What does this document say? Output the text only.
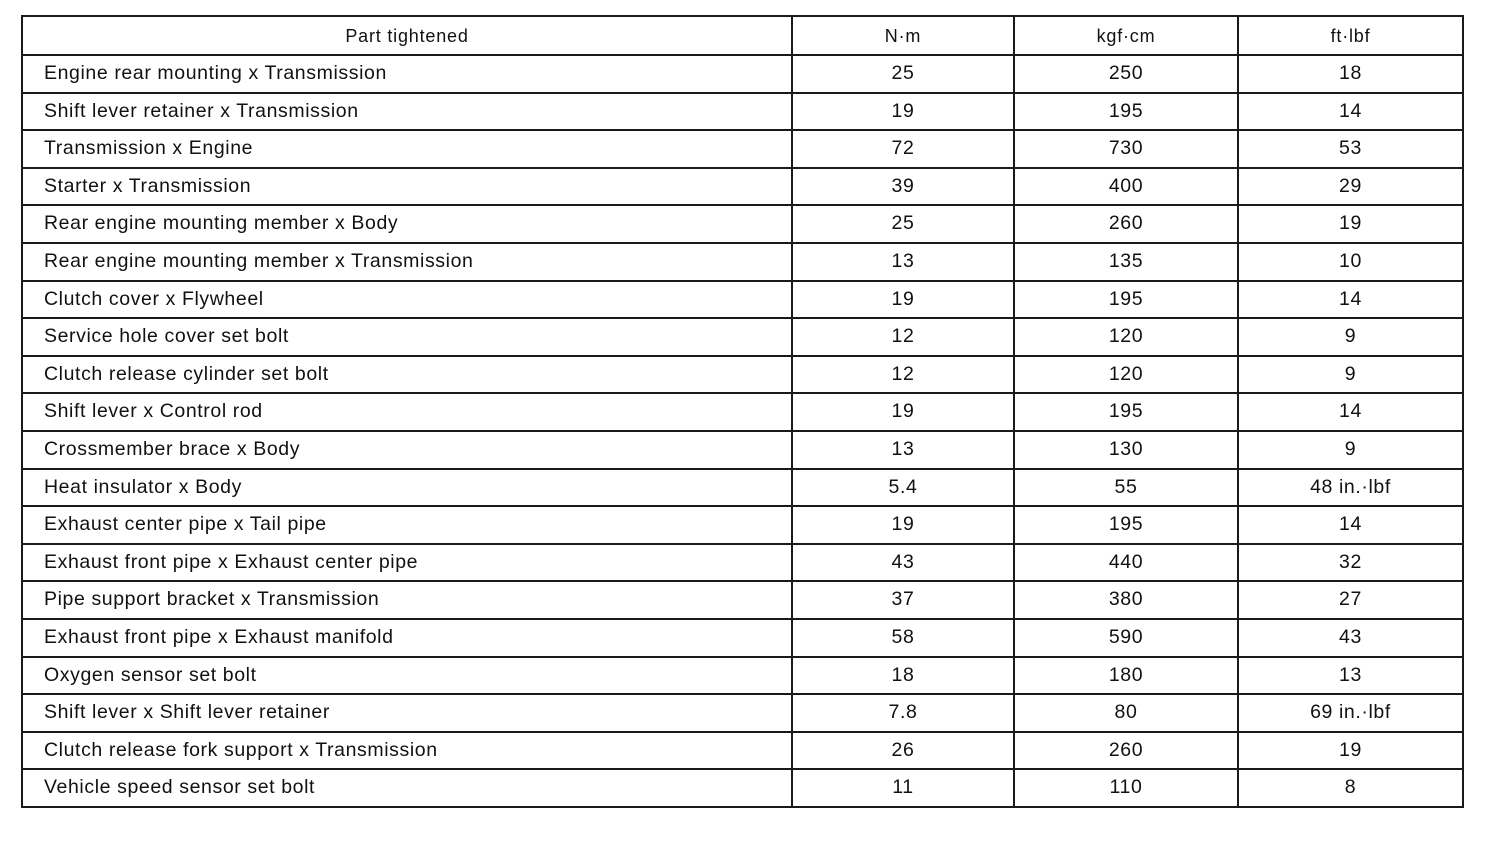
Part tightened	N·m	kgf·cm	ft·lbf
Engine rear mounting x Transmission	25	250	18
Shift lever retainer x Transmission	19	195	14
Transmission x Engine	72	730	53
Starter x Transmission	39	400	29
Rear engine mounting member x Body	25	260	19
Rear engine mounting member x Transmission	13	135	10
Clutch cover x Flywheel	19	195	14
Service hole cover set bolt	12	120	9
Clutch release cylinder set bolt	12	120	9
Shift lever x Control rod	19	195	14
Crossmember brace x Body	13	130	9
Heat insulator x Body	5.4	55	48 in.·lbf
Exhaust center pipe x Tail pipe	19	195	14
Exhaust front pipe x Exhaust center pipe	43	440	32
Pipe support bracket x Transmission	37	380	27
Exhaust front pipe x Exhaust manifold	58	590	43
Oxygen sensor set bolt	18	180	13
Shift lever x Shift lever retainer	7.8	80	69 in.·lbf
Clutch release fork support x Transmission	26	260	19
Vehicle speed sensor set bolt	11	110	8
